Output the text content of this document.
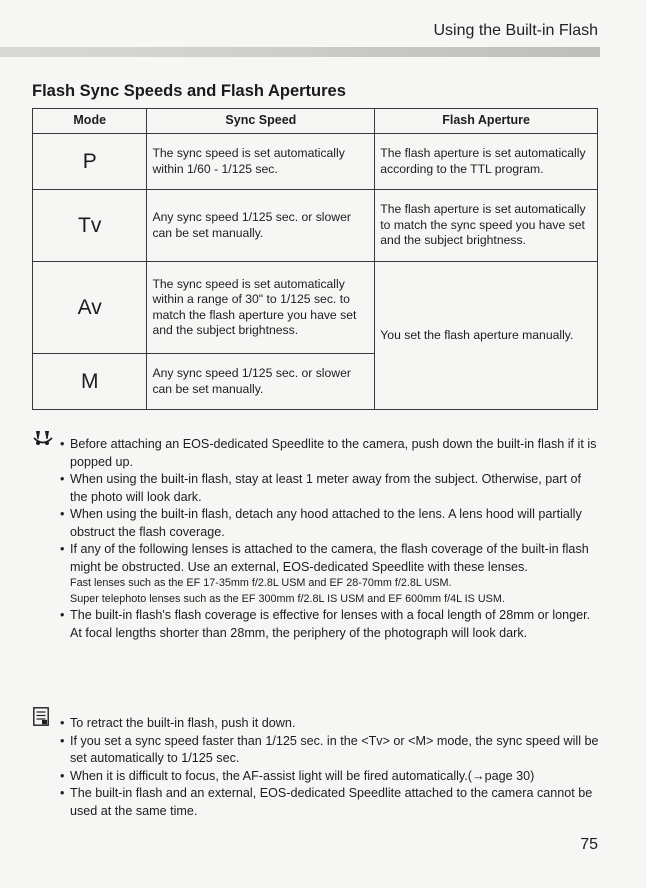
Using the Built-in Flash
Flash Sync Speeds and Flash Apertures
Mode	Sync Speed	Flash Aperture
P	The sync speed is set automatically within 1/60 - 1/125 sec.	The flash aperture is set automatically according to the TTL program.
Tv	Any sync speed 1/125 sec. or slower can be set manually.	The flash aperture is set automatically to match the sync speed you have set and the subject brightness.
Av	The sync speed is set automatically within a range of 30" to 1/125 sec. to match the flash aperture you have set and the subject brightness.	You set the flash aperture manually.
M	Any sync speed 1/125 sec. or slower can be set manually.	
• Before attaching an EOS-dedicated Speedlite to the camera, push down the built-in flash if it is popped up.
• When using the built-in flash, stay at least 1 meter away from the subject. Otherwise, part of the photo will look dark.
• When using the built-in flash, detach any hood attached to the lens. A lens hood will partially obstruct the flash coverage.
• If any of the following lenses is attached to the camera, the flash coverage of the built-in flash might be obstructed. Use an external, EOS-dedicated Speedlite with these lenses.
Fast lenses such as the EF 17-35mm f/2.8L USM and EF 28-70mm f/2.8L USM.
Super telephoto lenses such as the EF 300mm f/2.8L IS USM and EF 600mm f/4L IS USM.
• The built-in flash's flash coverage is effective for lenses with a focal length of 28mm or longer. At focal lengths shorter than 28mm, the periphery of the photograph will look dark.
• To retract the built-in flash, push it down.
• If you set a sync speed faster than 1/125 sec. in the <Tv> or <M> mode, the sync speed will be set automatically to 1/125 sec.
• When it is difficult to focus, the AF-assist light will be fired automatically.(→page 30)
• The built-in flash and an external, EOS-dedicated Speedlite attached to the camera cannot be used at the same time.
75
